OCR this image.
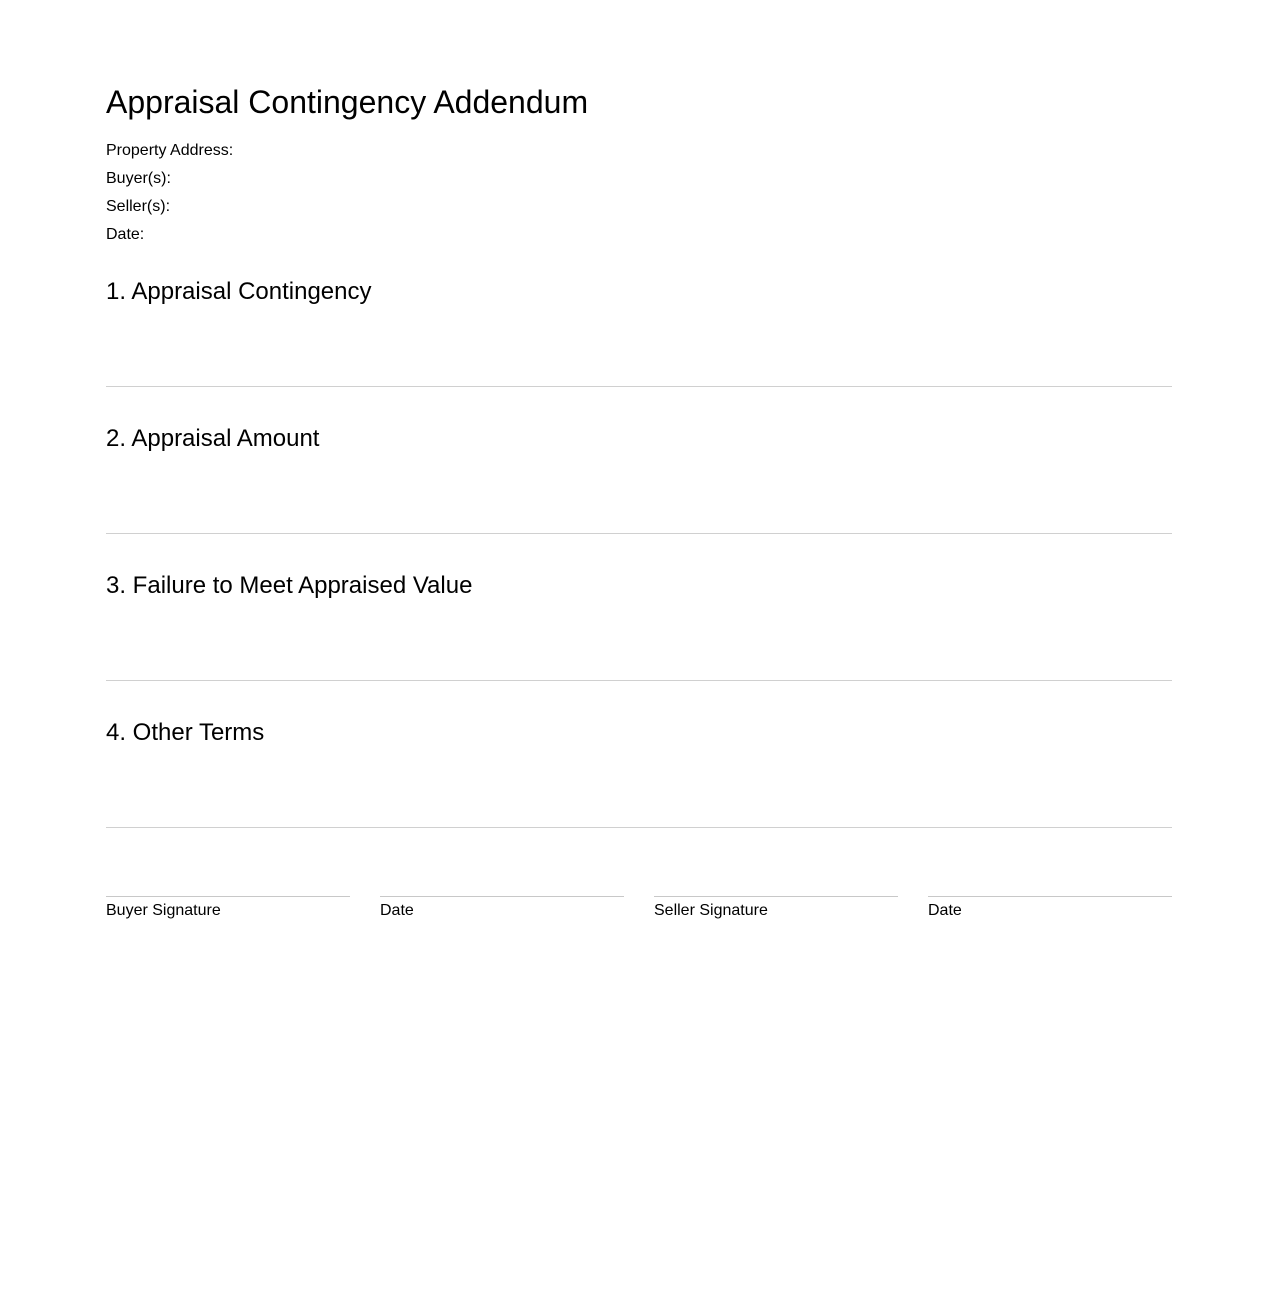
Appraisal Contingency Addendum
Property Address:
Buyer(s):
Seller(s):
Date:
1. Appraisal Contingency
2. Appraisal Amount
3. Failure to Meet Appraised Value
4. Other Terms
Buyer Signature	Date	Seller Signature	Date
